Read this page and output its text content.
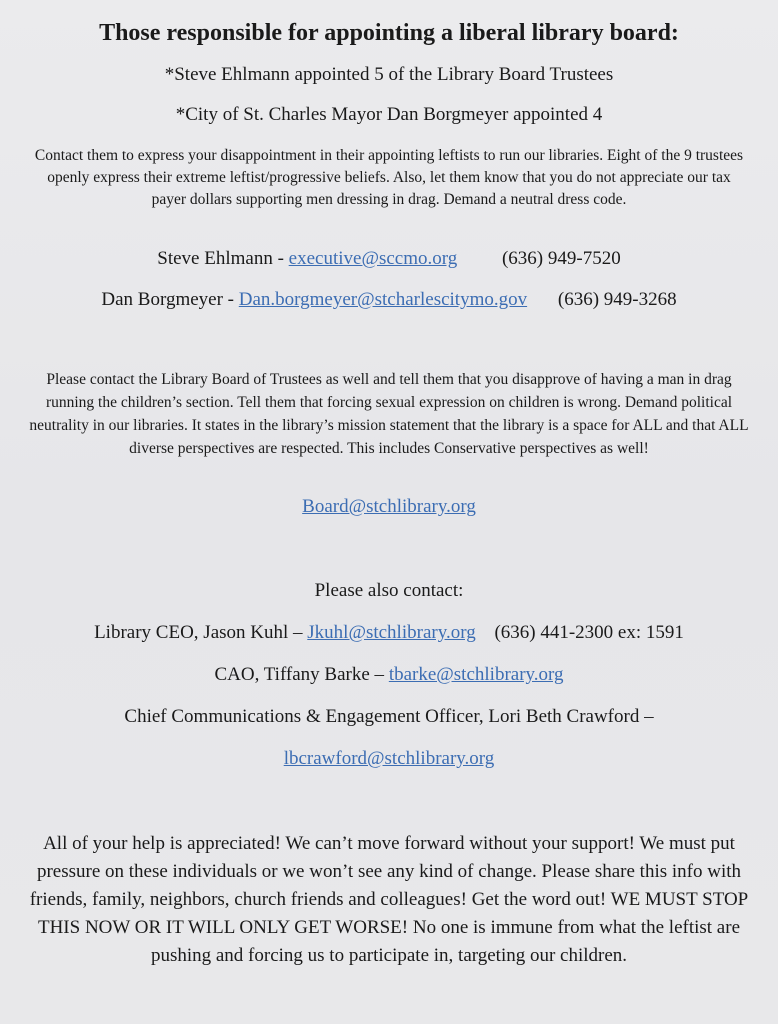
Those responsible for appointing a liberal library board:

*Steve Ehlmann appointed 5 of the Library Board Trustees

*City of St. Charles Mayor Dan Borgmeyer appointed 4

Contact them to express your disappointment in their appointing leftists to run our libraries. Eight of the 9 trustees openly express their extreme leftist/progressive beliefs. Also, let them know that you do not appreciate our tax payer dollars supporting men dressing in drag. Demand a neutral dress code.

Steve Ehlmann - executive@sccmo.org (636) 949-7520

Dan Borgmeyer - Dan.borgmeyer@stcharlescitymo.gov (636) 949-3268

Please contact the Library Board of Trustees as well and tell them that you disapprove of having a man in drag running the children’s section. Tell them that forcing sexual expression on children is wrong. Demand political neutrality in our libraries. It states in the library’s mission statement that the library is a space for ALL and that ALL diverse perspectives are respected. This includes Conservative perspectives as well!

Board@stchlibrary.org

Please also contact:

Library CEO, Jason Kuhl – Jkuhl@stchlibrary.org (636) 441-2300 ex: 1591

CAO, Tiffany Barke – tbarke@stchlibrary.org

Chief Communications & Engagement Officer, Lori Beth Crawford –

lbcrawford@stchlibrary.org

All of your help is appreciated! We can’t move forward without your support! We must put pressure on these individuals or we won’t see any kind of change. Please share this info with friends, family, neighbors, church friends and colleagues! Get the word out! WE MUST STOP THIS NOW OR IT WILL ONLY GET WORSE! No one is immune from what the leftist are pushing and forcing us to participate in, targeting our children.
